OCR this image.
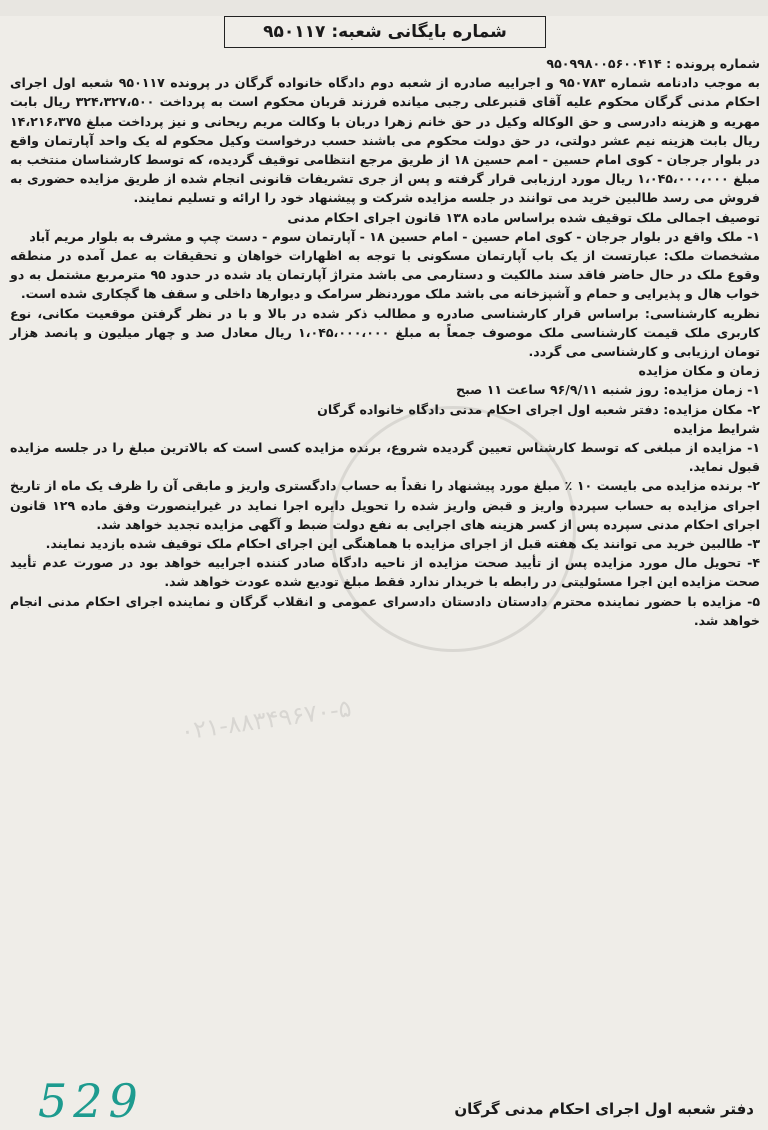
۰۲۱-۸۸۳۴۹۶۷۰-۵
شماره بایگانی شعبه: ۹۵۰۱۱۷

شماره پرونده : ۹۵۰۹۹۸۰۰۵۶۰۰۴۱۴

به موجب دادنامه شماره ۹۵۰۷۸۳ و اجراییه صادره از شعبه دوم دادگاه خانواده گرگان در پرونده ۹۵۰۱۱۷ شعبه اول اجرای احکام مدنی گرگان محکوم علیه آقای قنبرعلی رجبی میانده فرزند قربان محکوم است به پرداخت ۳۲۴،۳۲۷،۵۰۰ ریال بابت مهریه و هزینه دادرسی و حق الوکاله وکیل در حق خانم زهرا دربان با وکالت مریم ریحانی و نیز پرداخت مبلغ ۱۴،۲۱۶،۳۷۵ ریال بابت هزینه نیم عشر دولتی، در حق دولت محکوم می باشند حسب درخواست وکیل محکوم له یک واحد آپارتمان واقع در بلوار جرجان - کوی امام حسین - امم حسین ۱۸ از طریق مرجع انتظامی توقیف گردیده، که توسط کارشناسان منتخب به مبلغ ۱،۰۴۵،۰۰۰،۰۰۰ ریال مورد ارزیابی قرار گرفته و پس از جری تشریفات قانونی انجام شده از طریق مزایده حضوری به فروش می رسد طالبین خرید می توانند در جلسه مزایده شرکت و پیشنهاد خود را ارائه و تسلیم نمایند.

توصیف اجمالی ملک توقیف شده براساس ماده ۱۳۸ قانون اجرای احکام مدنی

۱- ملک واقع در بلوار جرجان - کوی امام حسین - امام حسین ۱۸ - آپارتمان سوم - دست چپ و مشرف به بلوار مریم آباد

مشخصات ملک: عبارتست از یک باب آپارتمان مسکونی با توجه به اظهارات خواهان و تحقیقات به عمل آمده در منطقه وقوع ملک در حال حاضر فاقد سند مالکیت و دستارمی می باشد متراژ آپارتمان یاد شده در حدود ۹۵ مترمربع مشتمل به دو خواب هال و پذیرایی و حمام و آشپزخانه می باشد ملک موردنظر سرامک و دیوارها داخلی و سقف ها گچکاری شده است.

نظریه کارشناسی: براساس قرار کارشناسی صادره و مطالب ذکر شده در بالا و با در نظر گرفتن موقعیت مکانی، نوع کاربری ملک قیمت کارشناسی ملک موصوف جمعاً به مبلغ ۱،۰۴۵،۰۰۰،۰۰۰ ریال معادل صد و چهار میلیون و پانصد هزار تومان ارزیابی و کارشناسی می گردد.

زمان و مکان مزایده

۱- زمان مزایده: روز شنبه ۹۶/۹/۱۱ ساعت ۱۱ صبح

۲- مکان مزایده: دفتر شعبه اول اجرای احکام مدنی دادگاه خانواده گرگان

شرایط مزایده

۱- مزایده از مبلغی که توسط کارشناس تعیین گردیده شروع، برنده مزایده کسی است که بالاترین مبلغ را در جلسه مزایده قبول نماید.

۲- برنده مزایده می بایست ۱۰ ٪ مبلغ مورد پیشنهاد را نقداً به حساب دادگستری واریز و مابقی آن را ظرف یک ماه از تاریخ اجرای مزایده به حساب سپرده واریز و قبض واریز شده را تحویل دایره اجرا نماید در غیراینصورت وفق ماده ۱۲۹ قانون اجرای احکام مدنی سپرده پس از کسر هزینه های اجرایی به نفع دولت ضبط و آگهی مزایده تجدید خواهد شد.

۳- طالبین خرید می توانند یک هفته قبل از اجرای مزایده با هماهنگی این اجرای احکام ملک توقیف شده بازدید نمایند.

۴- تحویل مال مورد مزایده پس از تأیید صحت مزایده از ناحیه دادگاه صادر کننده اجراییه خواهد بود در صورت عدم تأیید صحت مزایده این اجرا مسئولیتی در رابطه با خریدار ندارد فقط مبلغ تودیع شده عودت خواهد شد.

۵- مزایده با حضور نماینده محترم دادستان دادستان دادسرای عمومی و انقلاب گرگان و نماینده اجرای احکام مدنی انجام خواهد شد.

دفتر شعبه اول اجرای احکام مدنی گرگان
529
